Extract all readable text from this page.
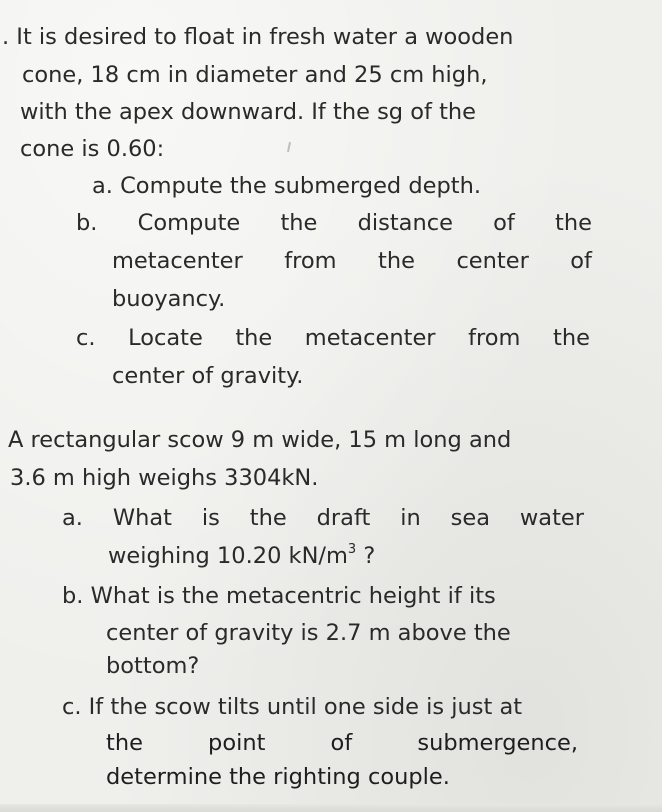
. It is desired to float in fresh water a wooden
cone, 18 cm in diameter and 25 cm high,
with the apex downward. If the sg of the
cone is 0.60:
a. Compute the submerged depth.
b. Compute the distance of the
metacenter from the center of
buoyancy.
c. Locate the metacenter from the
center of gravity.
A rectangular scow 9 m wide, 15 m long and
3.6 m high weighs 3304kN.
a. What is the draft in sea water
weighing 10.20 $kN/m^3$ ?
b. What is the metacentric height if its
center of gravity is 2.7 m above the
bottom?
c. If the scow tilts until one side is just at
the	point	of	submergence,
determine the righting couple.
